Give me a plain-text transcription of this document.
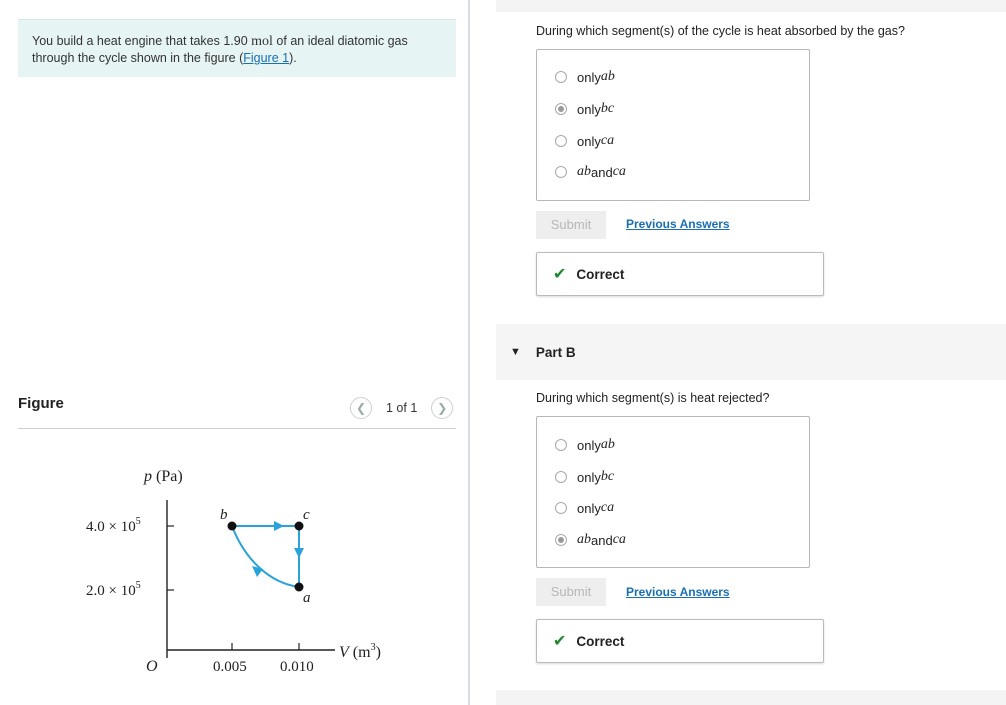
You build a heat engine that takes 1.90 mol of an ideal diatomic gas through the cycle shown in the figure (Figure 1).
Figure	❮	1 of 1	❯
p (Pa)
V $(m^3)$
O
$4.0 \times 10^5$
$2.0 \times 10^5$
0.005 0.010
b	c
a
During which segment(s) of the cycle is heat absorbed by the gas?
only ab
only bc
only ca
ab and ca
Submit	Previous Answers
✔ Correct
▼ Part B
During which segment(s) is heat rejected?
only ab
only bc
only ca
ab and ca
Submit	Previous Answers
✔ Correct
